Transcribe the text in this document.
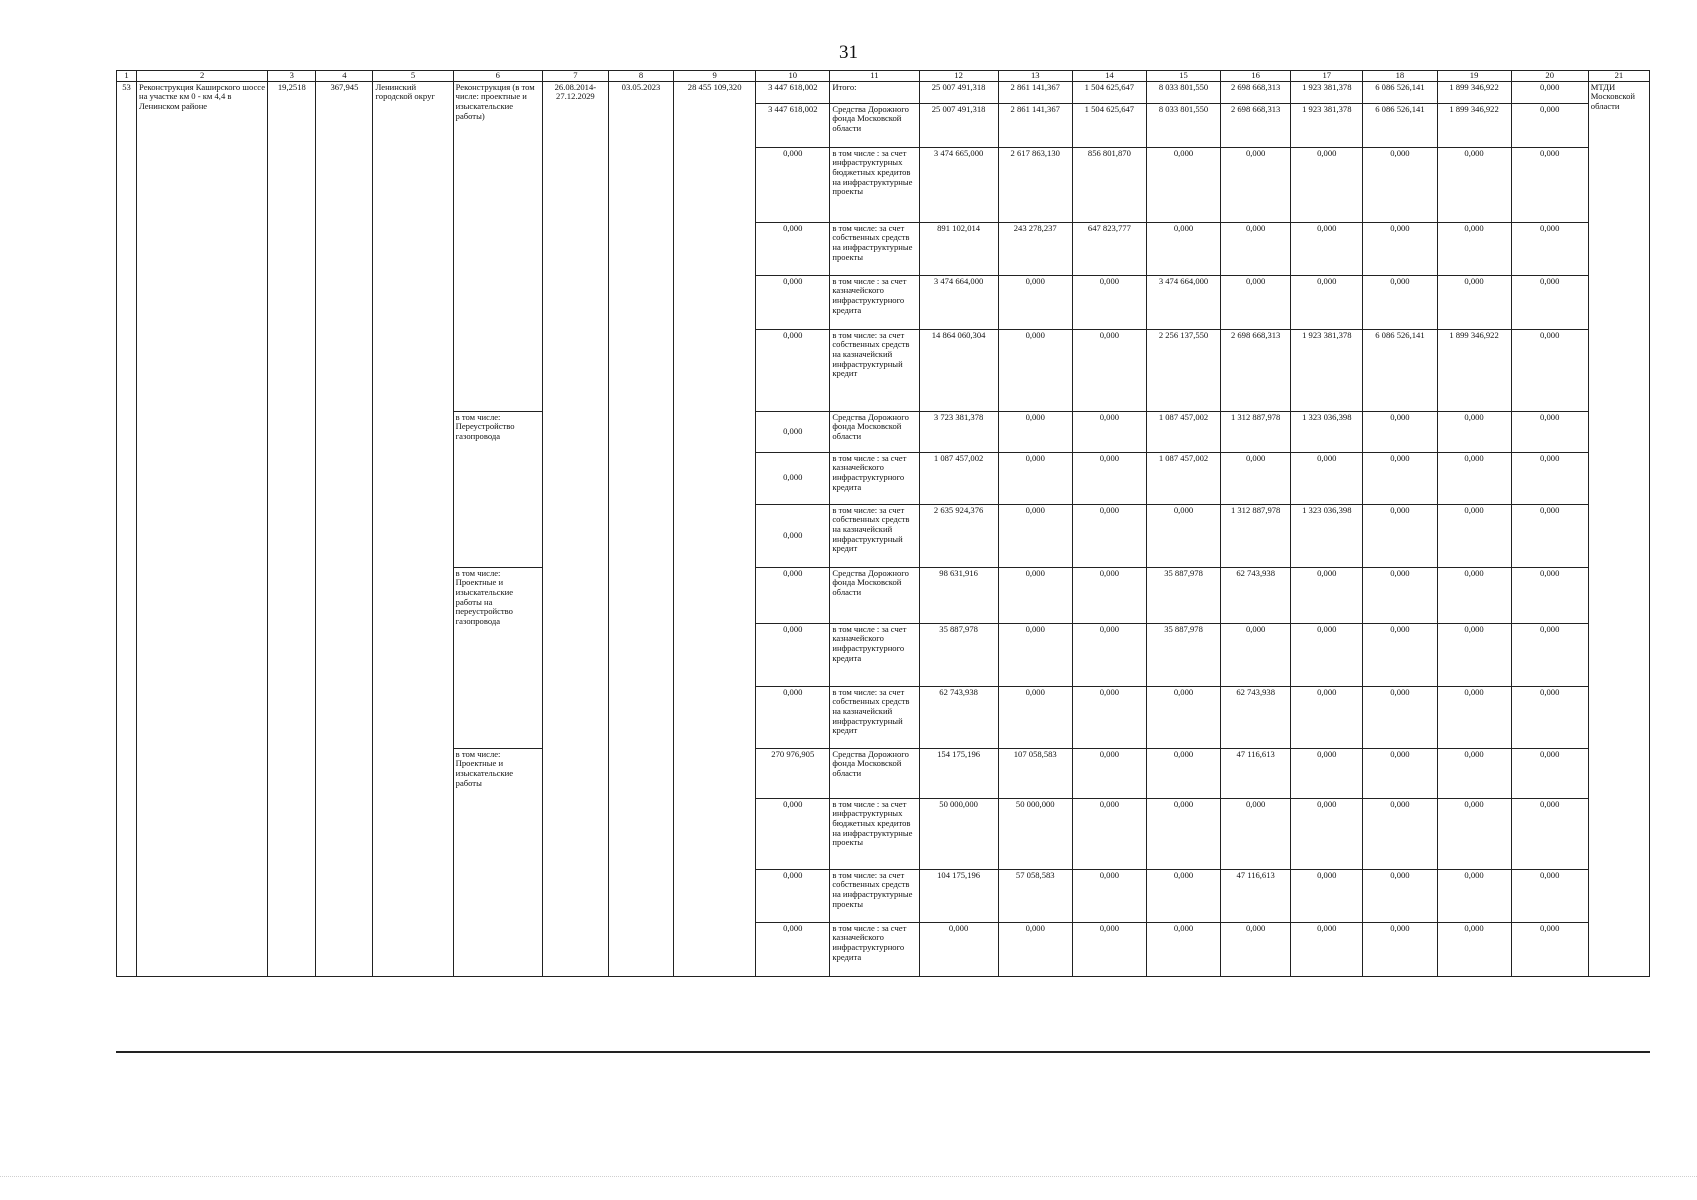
31
1	2	3	4	5	6	7	8	9	10	11	12	13	14	15	16	17	18	19	20	21
53	Реконструкция Каширского шоссе на участке км 0 - км 4,4 в Ленинском районе	19,2518	367,945	Ленинский городской округ	Реконструкция (в том числе: проектные и изыскательские работы)	26.08.2014-27.12.2029	03.05.2023	28 455 109,320	3 447 618,002	Итого:	25 007 491,318	2 861 141,367	1 504 625,647	8 033 801,550	2 698 668,313	1 923 381,378	6 086 526,141	1 899 346,922	0,000	МТДИ Московской области
									3 447 618,002	Средства Дорожного фонда Московской области	25 007 491,318	2 861 141,367	1 504 625,647	8 033 801,550	2 698 668,313	1 923 381,378	6 086 526,141	1 899 346,922	0,000	
									0,000	в том числе : за счет инфраструктурных бюджетных кредитов на инфраструктурные проекты	3 474 665,000	2 617 863,130	856 801,870	0,000	0,000	0,000	0,000	0,000	0,000	
									0,000	в том числе: за счет собственных средств на инфраструктурные проекты	891 102,014	243 278,237	647 823,777	0,000	0,000	0,000	0,000	0,000	0,000	
									0,000	в том числе : за счет казначейского инфраструктурного кредита	3 474 664,000	0,000	0,000	3 474 664,000	0,000	0,000	0,000	0,000	0,000	
									0,000	в том числе: за счет собственных средств на казначейский инфраструктурный кредит	14 864 060,304	0,000	0,000	2 256 137,550	2 698 668,313	1 923 381,378	6 086 526,141	1 899 346,922	0,000	
					в том числе: Переустройство газопровода				0,000	Средства Дорожного фонда Московской области	3 723 381,378	0,000	0,000	1 087 457,002	1 312 887,978	1 323 036,398	0,000	0,000	0,000	
									0,000	в том числе : за счет казначейского инфраструктурного кредита	1 087 457,002	0,000	0,000	1 087 457,002	0,000	0,000	0,000	0,000	0,000	
									0,000	в том числе: за счет собственных средств на казначейский инфраструктурный кредит	2 635 924,376	0,000	0,000	0,000	1 312 887,978	1 323 036,398	0,000	0,000	0,000	
					в том числе: Проектные и изыскательские работы на переустройство газопровода				0,000	Средства Дорожного фонда Московской области	98 631,916	0,000	0,000	35 887,978	62 743,938	0,000	0,000	0,000	0,000	
									0,000	в том числе : за счет казначейского инфраструктурного кредита	35 887,978	0,000	0,000	35 887,978	0,000	0,000	0,000	0,000	0,000	
									0,000	в том числе: за счет собственных средств на казначейский инфраструктурный кредит	62 743,938	0,000	0,000	0,000	62 743,938	0,000	0,000	0,000	0,000	
					в том числе: Проектные и изыскательские работы				270 976,905	Средства Дорожного фонда Московской области	154 175,196	107 058,583	0,000	0,000	47 116,613	0,000	0,000	0,000	0,000	
									0,000	в том числе : за счет инфраструктурных бюджетных кредитов на инфраструктурные проекты	50 000,000	50 000,000	0,000	0,000	0,000	0,000	0,000	0,000	0,000	
									0,000	в том числе: за счет собственных средств на инфраструктурные проекты	104 175,196	57 058,583	0,000	0,000	47 116,613	0,000	0,000	0,000	0,000	
									0,000	в том числе : за счет казначейского инфраструктурного кредита	0,000	0,000	0,000	0,000	0,000	0,000	0,000	0,000	0,000	
